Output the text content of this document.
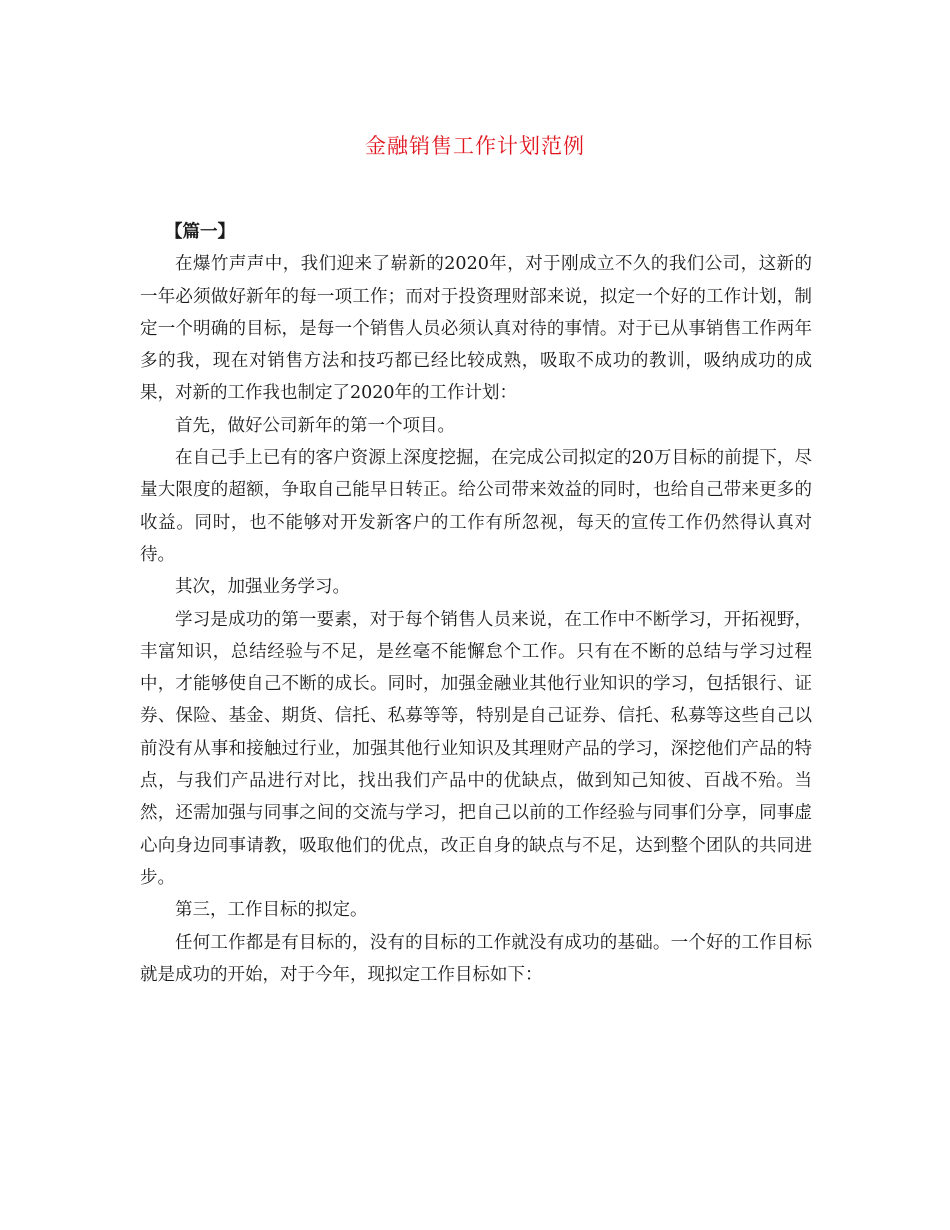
金融销售工作计划范例

【篇一】

在爆竹声声中，我们迎来了崭新的2020年，对于刚成立不久的我们公司，这新的一年必须做好新年的每一项工作；而对于投资理财部来说，拟定一个好的工作计划，制定一个明确的目标，是每一个销售人员必须认真对待的事情。对于已从事销售工作两年多的我，现在对销售方法和技巧都已经比较成熟，吸取不成功的教训，吸纳成功的成果，对新的工作我也制定了2020年的工作计划：

首先，做好公司新年的第一个项目。

在自己手上已有的客户资源上深度挖掘，在完成公司拟定的20万目标的前提下，尽量大限度的超额，争取自己能早日转正。给公司带来效益的同时，也给自己带来更多的收益。同时，也不能够对开发新客户的工作有所忽视，每天的宣传工作仍然得认真对待。

其次，加强业务学习。

学习是成功的第一要素，对于每个销售人员来说，在工作中不断学习，开拓视野，丰富知识，总结经验与不足，是丝毫不能懈怠个工作。只有在不断的总结与学习过程中，才能够使自己不断的成长。同时，加强金融业其他行业知识的学习，包括银行、证券、保险、基金、期货、信托、私募等等，特别是自己证券、信托、私募等这些自己以前没有从事和接触过行业，加强其他行业知识及其理财产品的学习，深挖他们产品的特点，与我们产品进行对比，找出我们产品中的优缺点，做到知己知彼、百战不殆。当然，还需加强与同事之间的交流与学习，把自己以前的工作经验与同事们分享，同事虚心向身边同事请教，吸取他们的优点，改正自身的缺点与不足，达到整个团队的共同进步。

第三，工作目标的拟定。

任何工作都是有目标的，没有的目标的工作就没有成功的基础。一个好的工作目标就是成功的开始，对于今年，现拟定工作目标如下：
